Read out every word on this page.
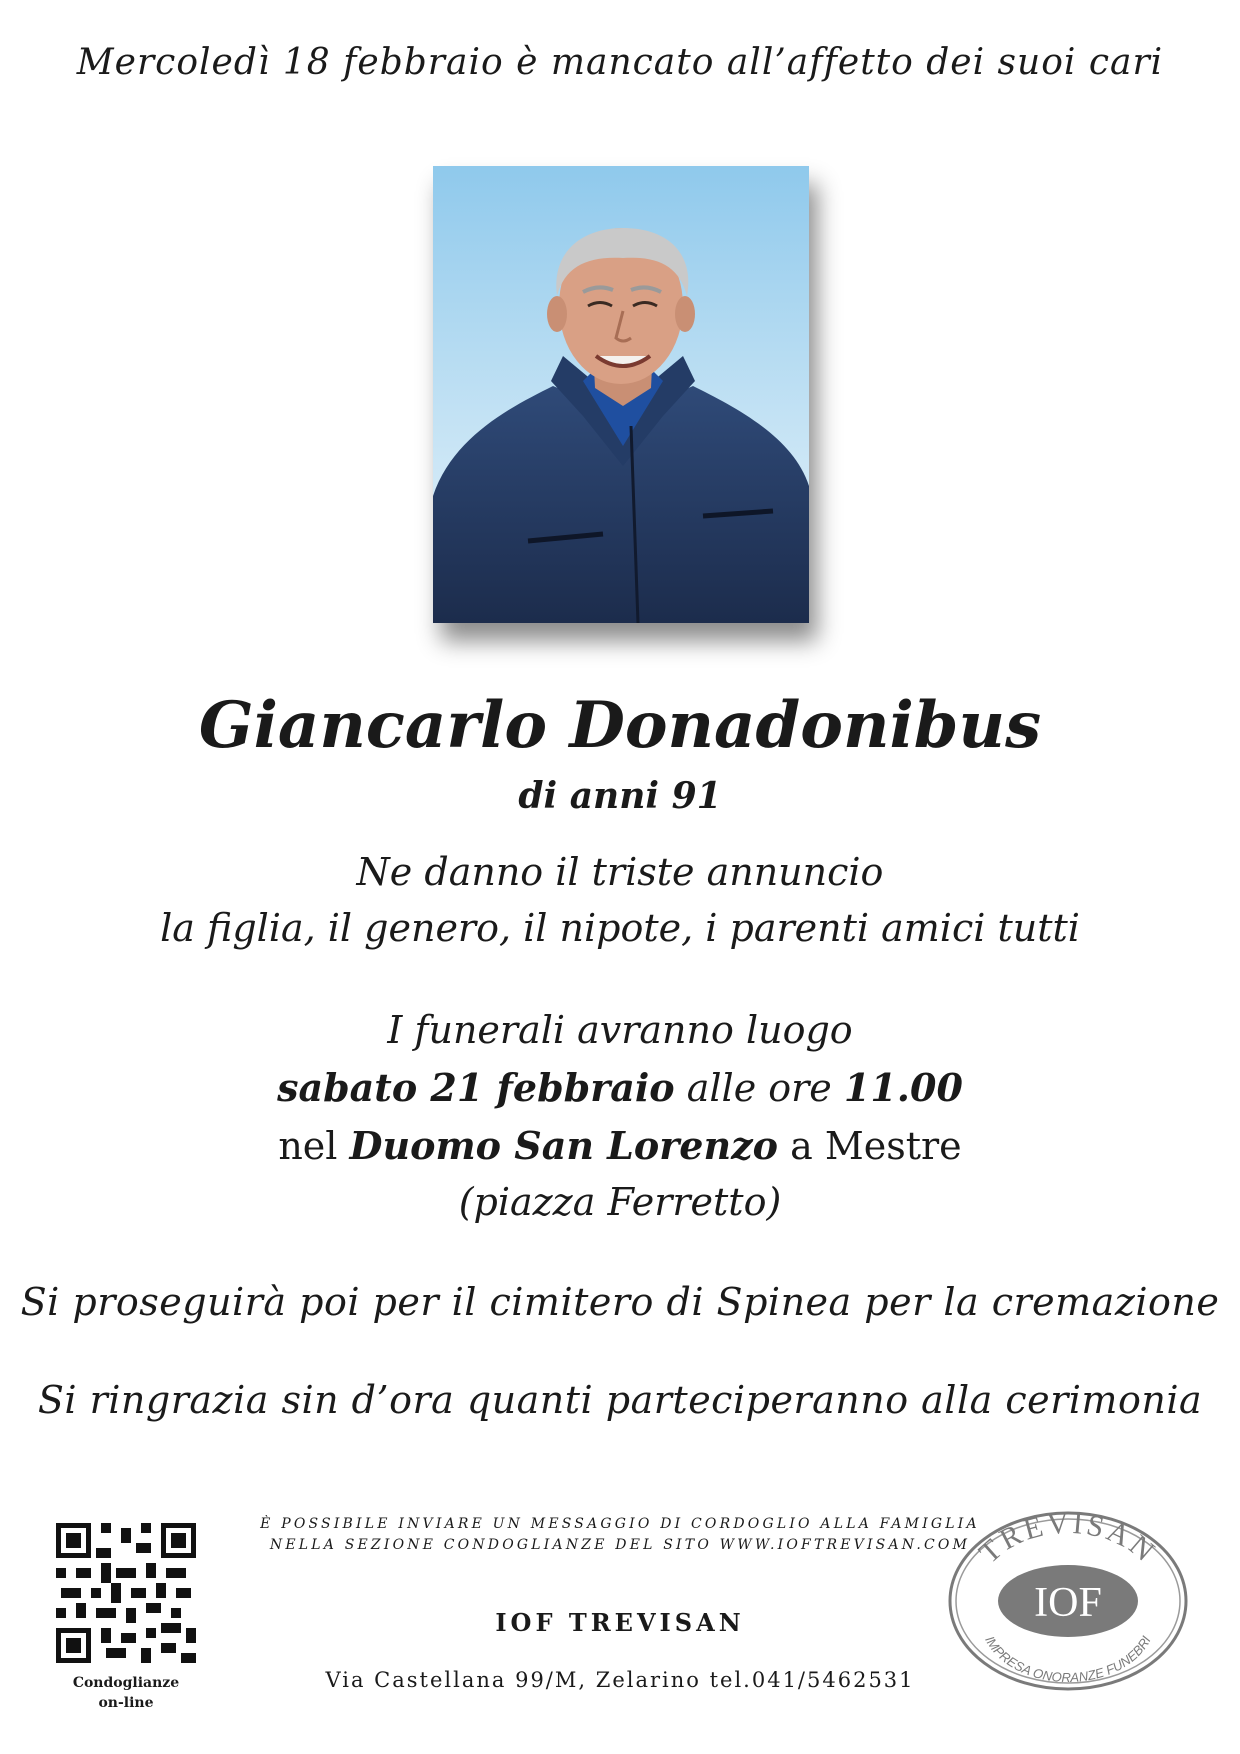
Mercoledì 18 febbraio è mancato all’affetto dei suoi cari
Giancarlo Donadonibus
di anni 91
Ne danno il triste annuncio
la figlia, il genero, il nipote, i parenti amici tutti
I funerali avranno luogo
sabato 21 febbraio alle ore 11.00
nel Duomo San Lorenzo a Mestre
(piazza Ferretto)
Si proseguirà poi per il cimitero di Spinea per la cremazione
Si ringrazia sin d’ora quanti parteciperanno alla cerimonia
È POSSIBILE INVIARE UN MESSAGGIO DI CORDOGLIO ALLA FAMIGLIA
NELLA SEZIONE CONDOGLIANZE DEL SITO WWW.IOFTREVISAN.COM
IOF TREVISAN
Via Castellana 99/M, Zelarino tel.041/5462531
Condoglianze
on-line
TREVISAN
IOF
IMPRESA ONORANZE FUNEBRI
